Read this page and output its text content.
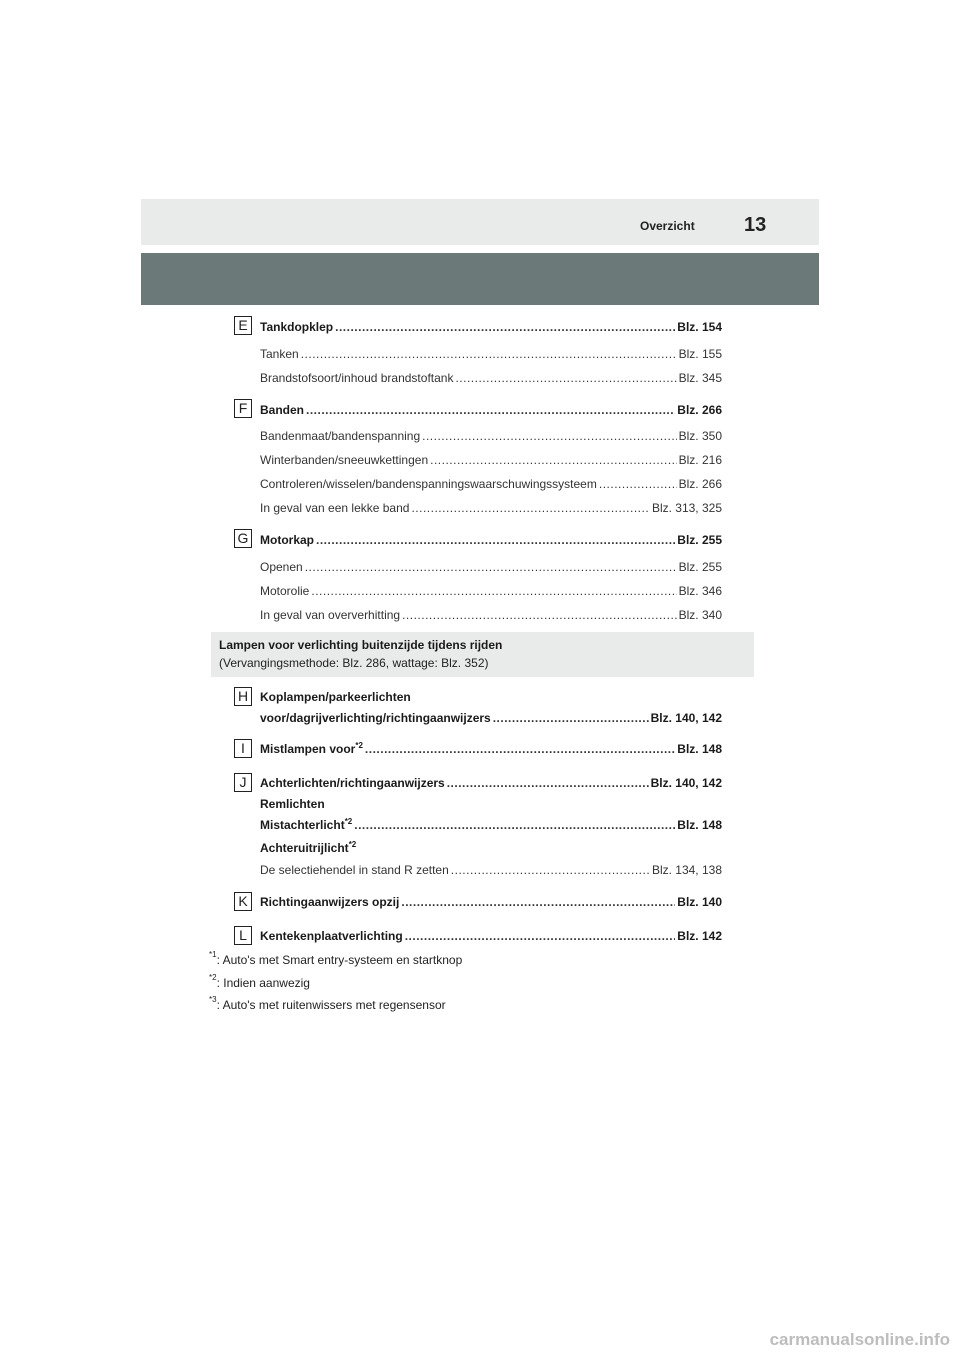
Overzicht 13
E	Tankdopklep .....	Blz. 154
Tanken .....	Blz. 155
Brandstofsoort/inhoud brandstoftank .....	Blz. 345
F	Banden .....	Blz. 266
Bandenmaat/bandenspanning .....	Blz. 350
Winterbanden/sneeuwkettingen .....	Blz. 216
Controleren/wisselen/bandenspanningswaarschuwingssysteem .....	Blz. 266
In geval van een lekke band .....	Blz. 313, 325
G Motorkap .....	Blz. 255
Openen .....	Blz. 255
Motorolie .....	Blz. 346
In geval van oververhitting .....	Blz. 340
Lampen voor verlichting buitenzijde tijdens rijden
(Vervangingsmethode: Blz. 286, wattage: Blz. 352)
H Koplampen/parkeerlichten
voor/dagrijverlichting/richtingaanwijzers .....	Blz. 140, 142
I	Mistlampen voor$^{*2}$ .....	Blz. 148
J	Achterlichten/richtingaanwijzers .....	Blz. 140, 142
Remlichten
Mistachterlicht$^{*2}$ .....	Blz. 148
Achteruitrijlicht$^{*2}$
De selectiehendel in stand R zetten .....	Blz. 134, 138
K	Richtingaanwijzers opzij .....	Blz. 140
L	Kentekenplaatverlichting .....	Blz. 142
$^{*1}$: Auto's met Smart entry-systeem en startknop
$^{*2}$: Indien aanwezig
$^{*3}$: Auto's met ruitenwissers met regensensor
carmanualsonline.info
